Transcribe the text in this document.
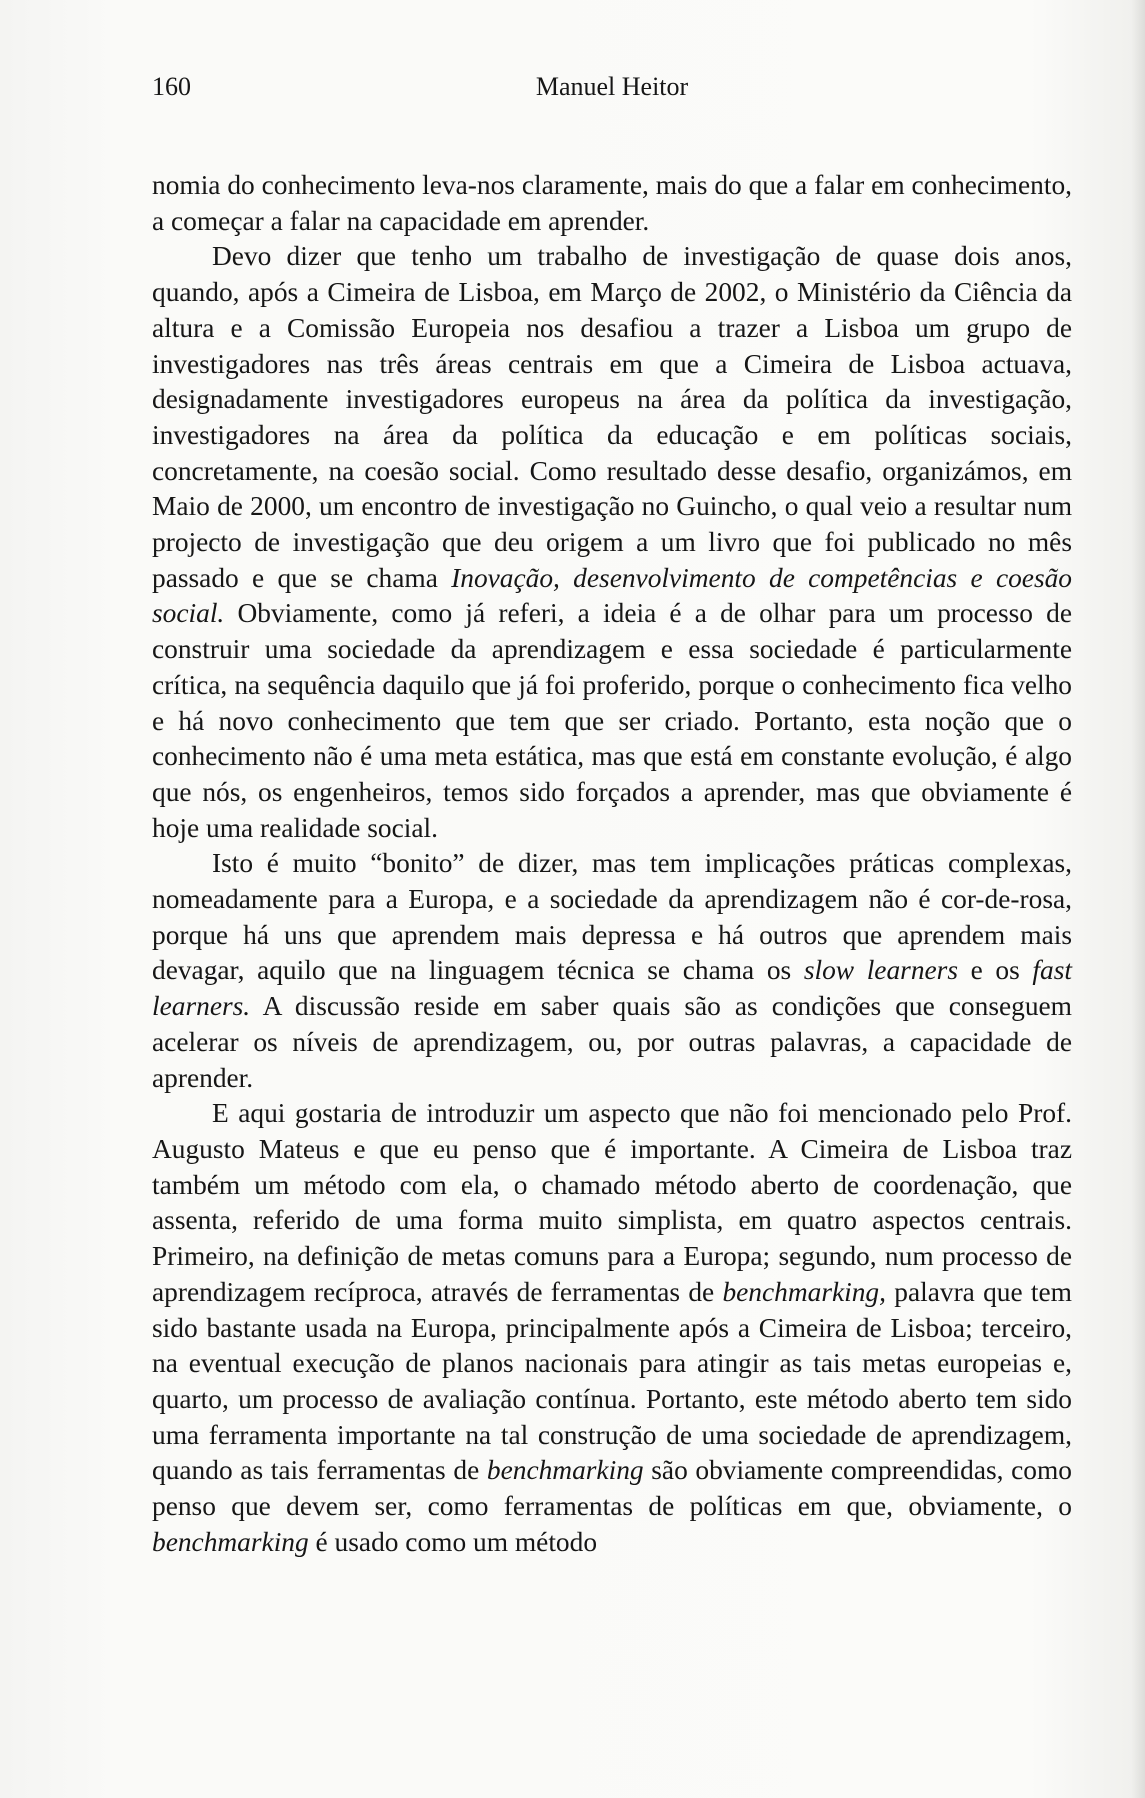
160	Manuel Heitor

nomia do conhecimento leva-nos claramente, mais do que a falar em conhecimento, a começar a falar na capacidade em aprender.

Devo dizer que tenho um trabalho de investigação de quase dois anos, quando, após a Cimeira de Lisboa, em Março de 2002, o Ministério da Ciência da altura e a Comissão Europeia nos desafiou a trazer a Lisboa um grupo de investigadores nas três áreas centrais em que a Cimeira de Lisboa actuava, designadamente investigadores europeus na área da política da investigação, investigadores na área da política da educação e em políticas sociais, concretamente, na coesão social. Como resultado desse desafio, organizámos, em Maio de 2000, um encontro de investigação no Guincho, o qual veio a resultar num projecto de investigação que deu origem a um livro que foi publicado no mês passado e que se chama Inovação, desenvolvimento de competências e coesão social. Obviamente, como já referi, a ideia é a de olhar para um processo de construir uma sociedade da aprendizagem e essa sociedade é particularmente crítica, na sequência daquilo que já foi proferido, porque o conhecimento fica velho e há novo conhecimento que tem que ser criado. Portanto, esta noção que o conhecimento não é uma meta estática, mas que está em constante evolução, é algo que nós, os engenheiros, temos sido forçados a aprender, mas que obviamente é hoje uma realidade social.

Isto é muito “bonito” de dizer, mas tem implicações práticas complexas, nomeadamente para a Europa, e a sociedade da aprendizagem não é cor-de-rosa, porque há uns que aprendem mais depressa e há outros que aprendem mais devagar, aquilo que na linguagem técnica se chama os slow learners e os fast learners. A discussão reside em saber quais são as condições que conseguem acelerar os níveis de aprendizagem, ou, por outras palavras, a capacidade de aprender.

E aqui gostaria de introduzir um aspecto que não foi mencionado pelo Prof. Augusto Mateus e que eu penso que é importante. A Cimeira de Lisboa traz também um método com ela, o chamado método aberto de coordenação, que assenta, referido de uma forma muito simplista, em quatro aspectos centrais. Primeiro, na definição de metas comuns para a Europa; segundo, num processo de aprendizagem recíproca, através de ferramentas de benchmarking, palavra que tem sido bastante usada na Europa, principalmente após a Cimeira de Lisboa; terceiro, na eventual execução de planos nacionais para atingir as tais metas europeias e, quarto, um processo de avaliação contínua. Portanto, este método aberto tem sido uma ferramenta importante na tal construção de uma sociedade de aprendizagem, quando as tais ferramentas de benchmarking são obviamente compreendidas, como penso que devem ser, como ferramentas de políticas em que, obviamente, o benchmarking é usado como um método
